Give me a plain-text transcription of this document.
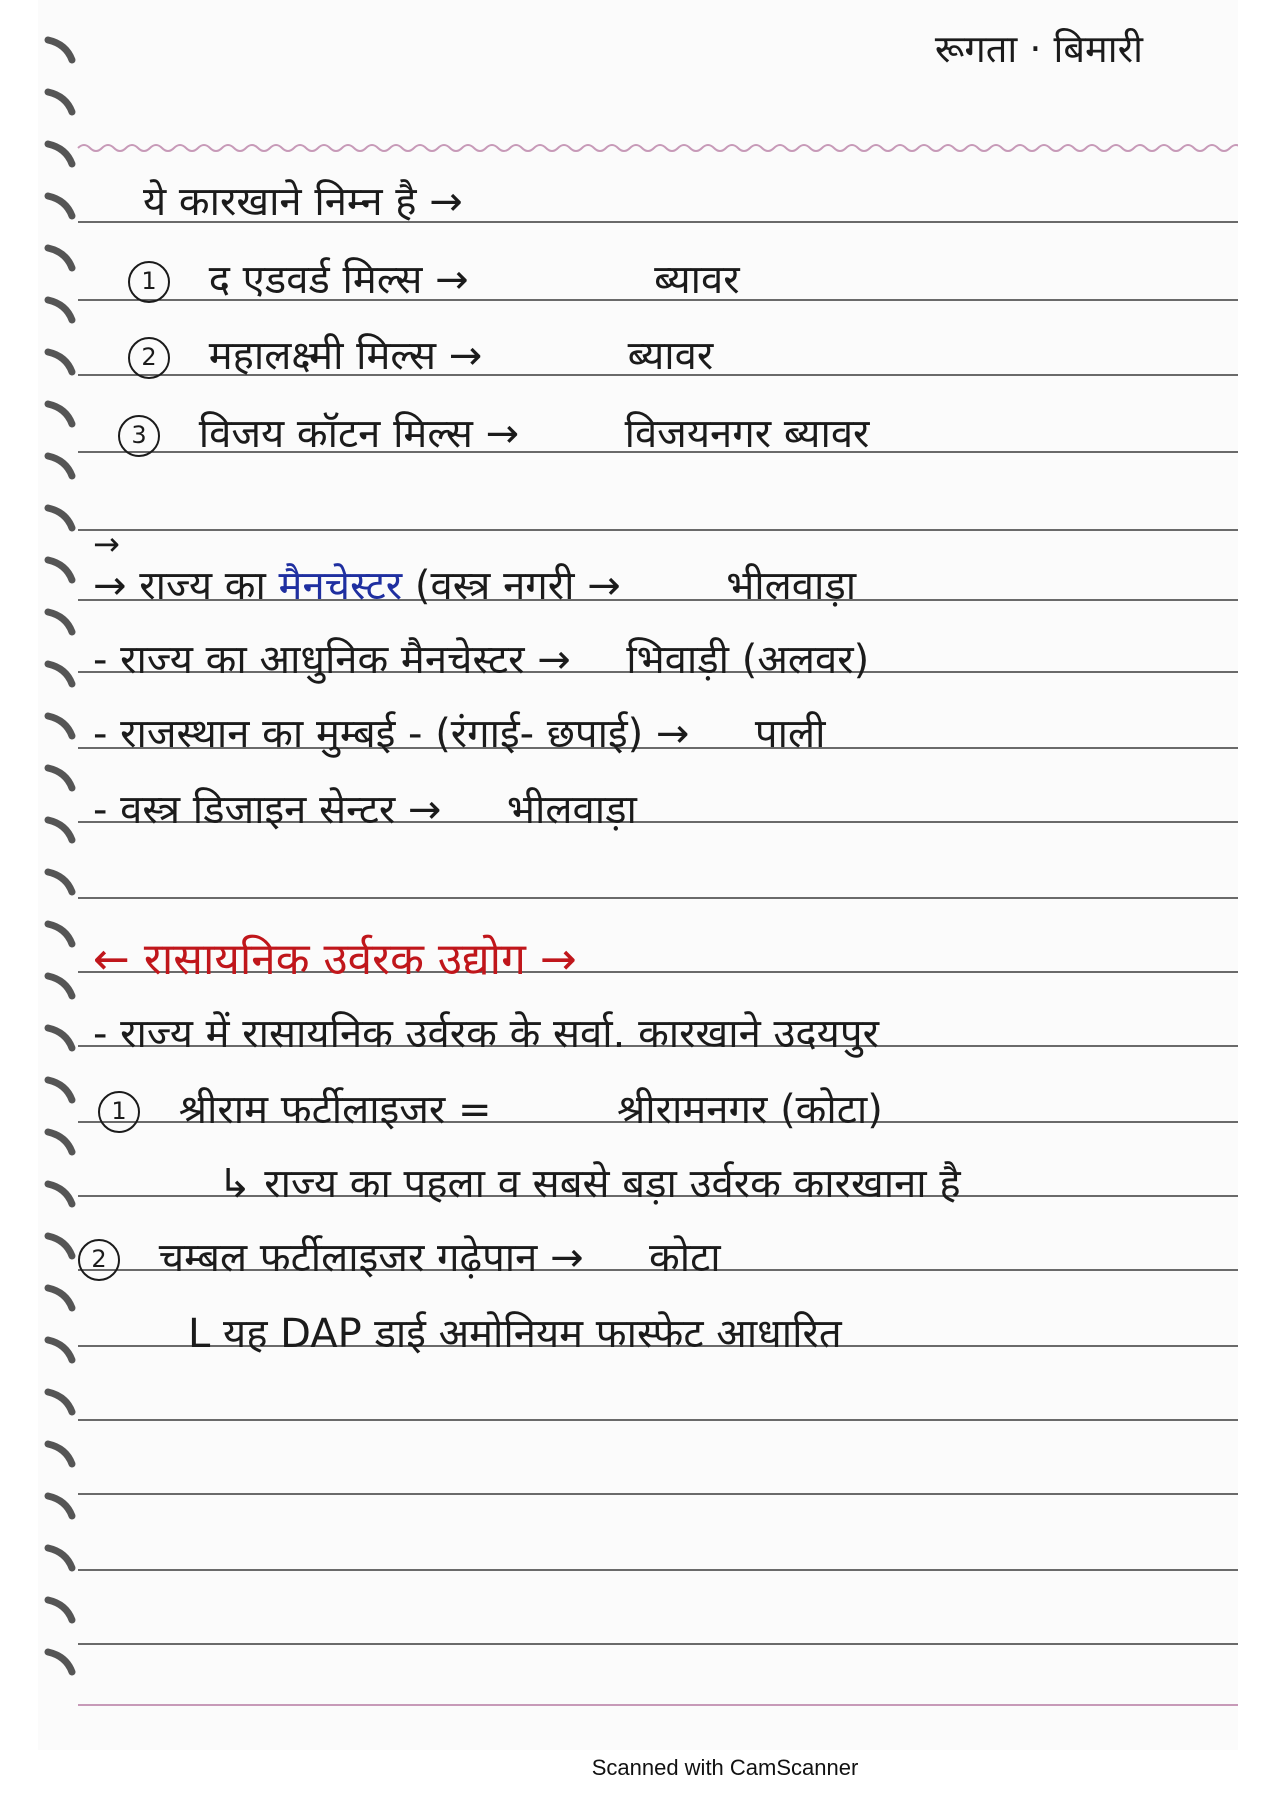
रूगता · बिमारी
ये कारखाने निम्न है →
1 द एडवर्ड मिल्स →	ब्यावर
2 महालक्ष्मी मिल्स →	ब्यावर
3 विजय कॉटन मिल्स →	विजयनगर ब्यावर
→
→ राज्य का मैनचेस्टर (वस्त्र नगरी →	भीलवाड़ा
- राज्य का आधुनिक मैनचेस्टर → भिवाड़ी (अलवर)
- राजस्थान का मुम्बई - (रंगाई- छपाई) → पाली
- वस्त्र डिजाइन सेन्टर → भीलवाड़ा
← रासायनिक उर्वरक उद्योग →
- राज्य में रासायनिक उर्वरक के सर्वा. कारखाने उदयपुर
1 श्रीराम फर्टीलाइजर =	श्रीरामनगर (कोटा)
↳ राज्य का पहला व सबसे बड़ा उर्वरक कारखाना है
2 चम्बल फर्टीलाइजर गढ़ेपान → कोटा
L यह DAP डाई अमोनियम फास्फेट आधारित
Scanned with CamScanner
